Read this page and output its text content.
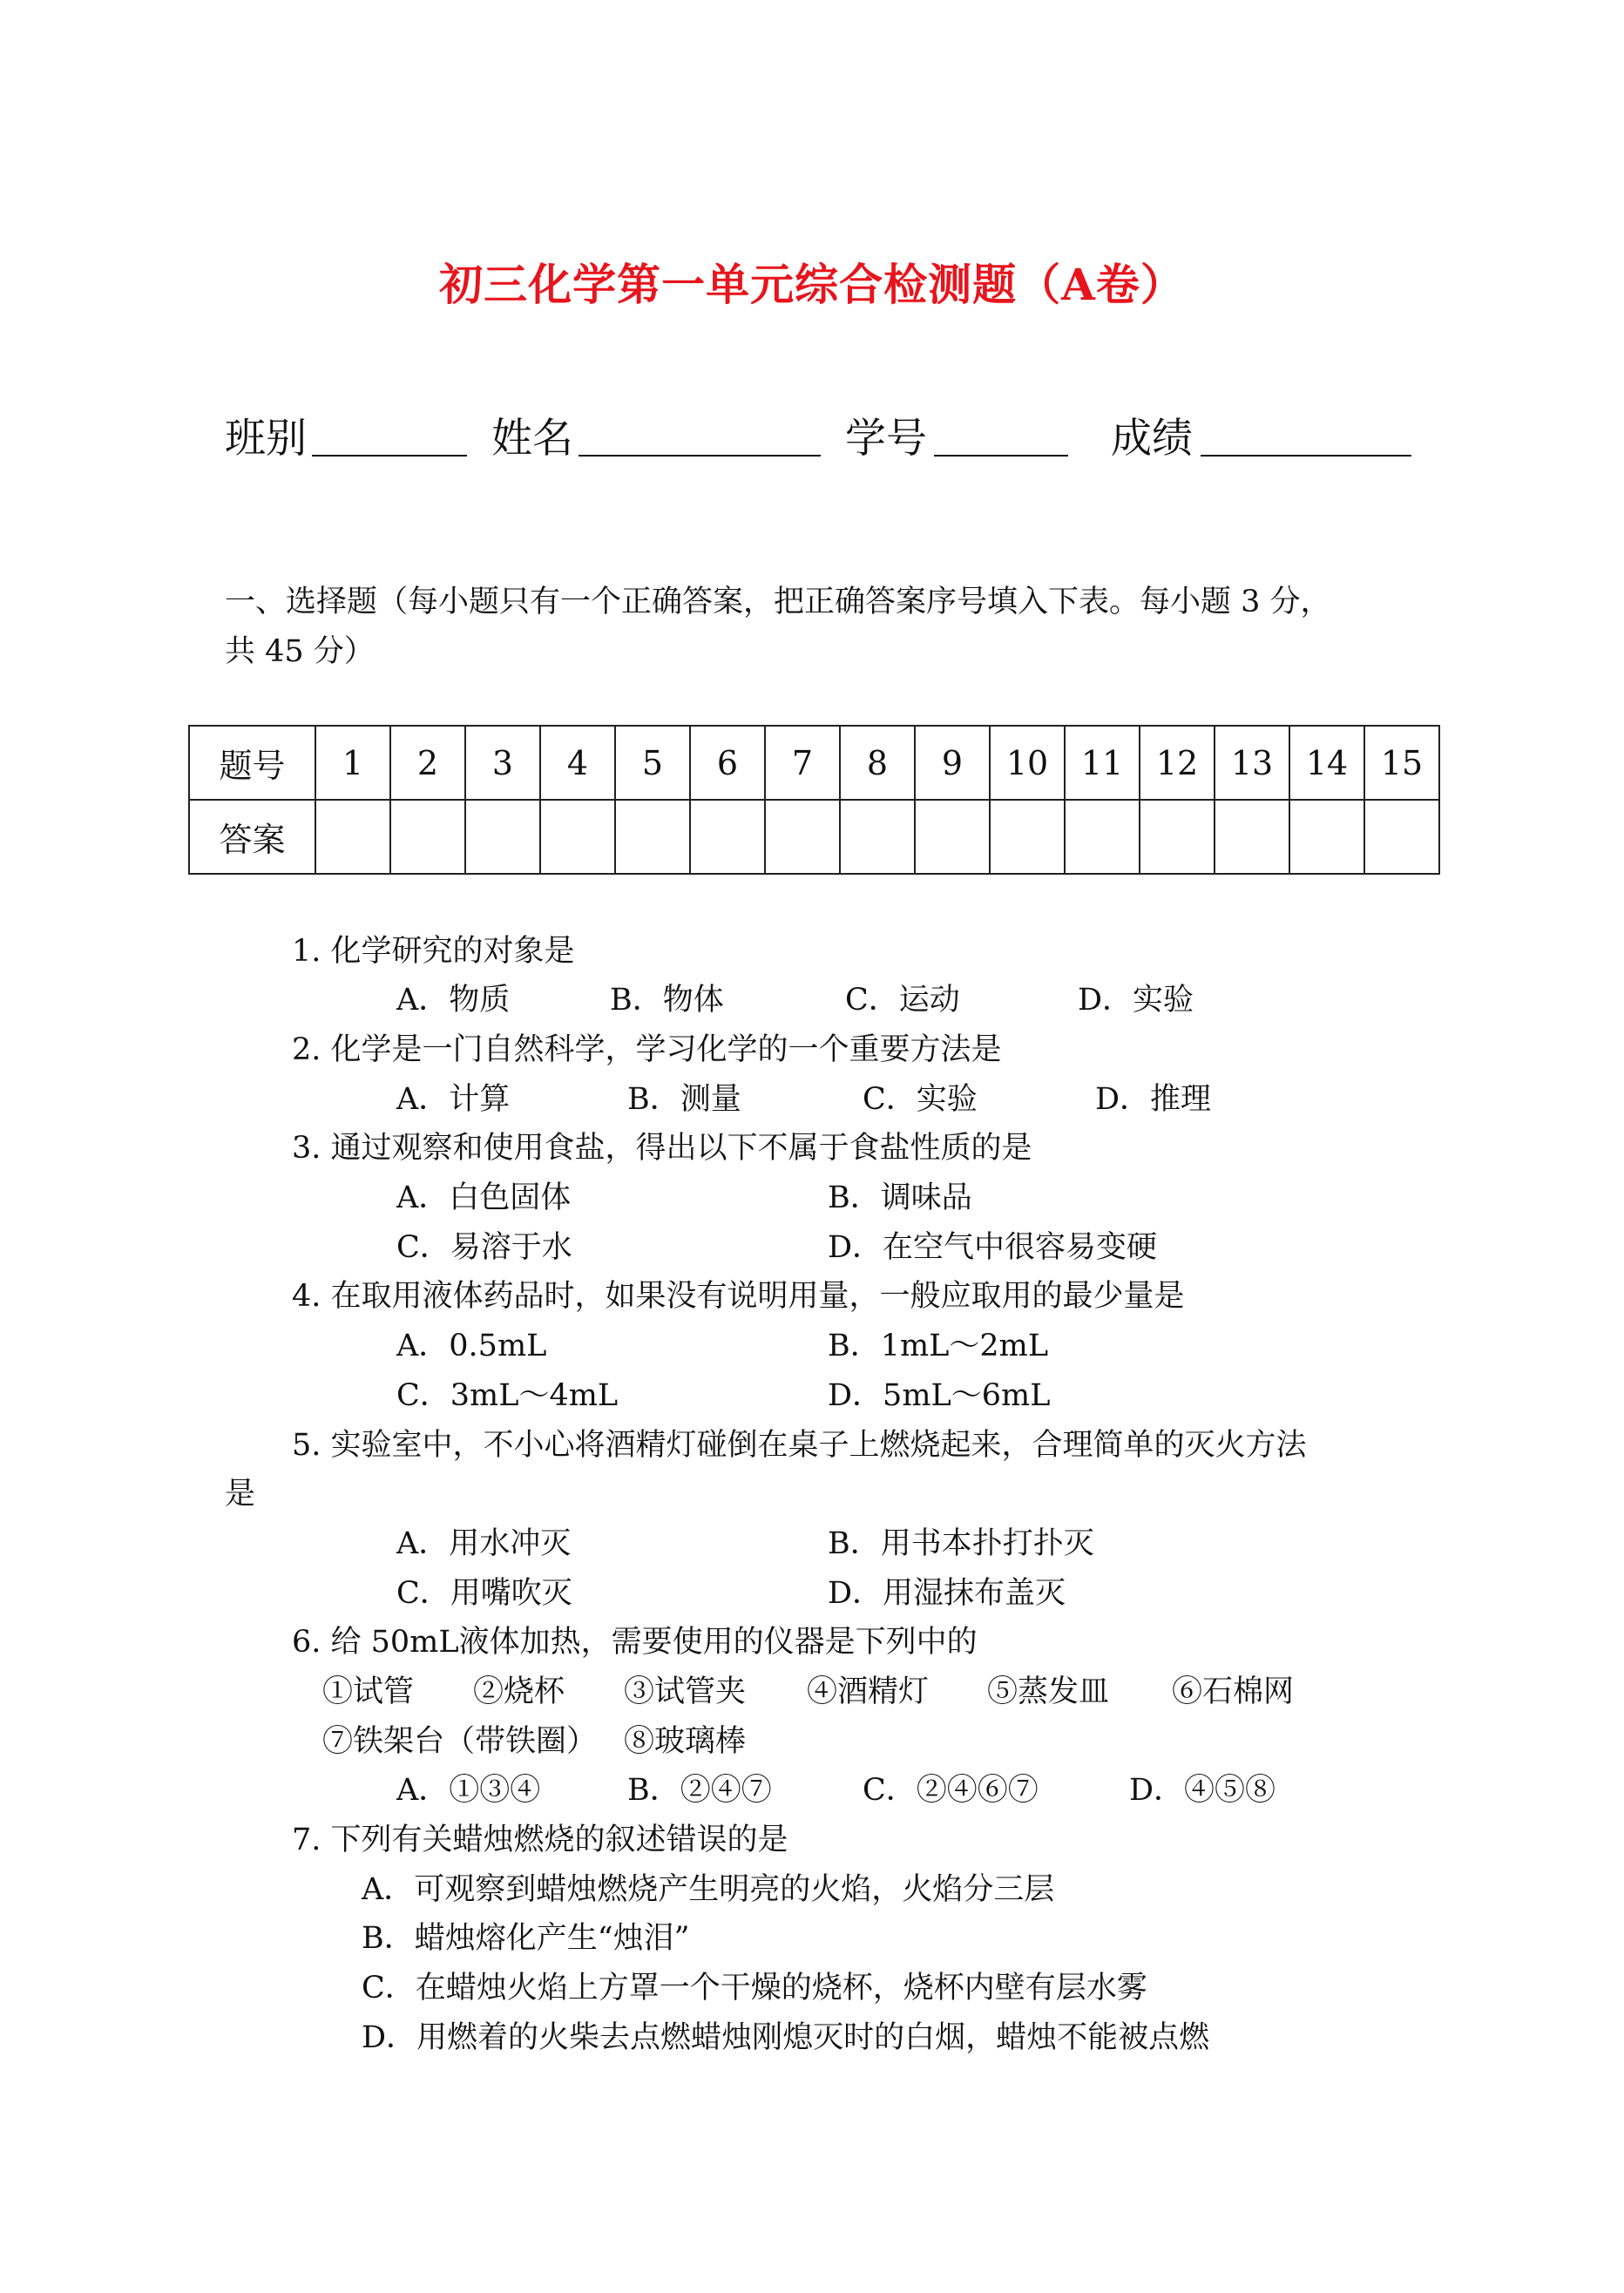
初三化学第一单元综合检测题（A卷）
班别	姓名	学号	成绩
一、选择题（每小题只有一个正确答案，把正确答案序号填入下表。每小题 3 分，
共 45 分）
题号	1	2	3	4	5	6	7	8	9	10	11	12	13	14	15
答案															
1. 化学研究的对象是
A．物质	B．物体	C．运动	D．实验
2. 化学是一门自然科学，学习化学的一个重要方法是
A．计算	B．测量	C．实验	D．推理
3. 通过观察和使用食盐，得出以下不属于食盐性质的是
A．白色固体	B．调味品
C．易溶于水	D．在空气中很容易变硬
4. 在取用液体药品时，如果没有说明用量，一般应取用的最少量是
A．0.5mL	B．1mL～2mL
C．3mL～4mL	D．5mL～6mL
5. 实验室中，不小心将酒精灯碰倒在桌子上燃烧起来，合理简单的灭火方法
是
A．用水冲灭	B．用书本扑打扑灭
C．用嘴吹灭	D．用湿抹布盖灭
6. 给 50mL液体加热，需要使用的仪器是下列中的
①试管 ②烧杯 ③试管夹 ④酒精灯 ⑤蒸发皿 ⑥石棉网
⑦铁架台（带铁圈） ⑧玻璃棒
A．①③④	B．②④⑦	C．②④⑥⑦	D．④⑤⑧
7. 下列有关蜡烛燃烧的叙述错误的是
A．可观察到蜡烛燃烧产生明亮的火焰，火焰分三层
B．蜡烛熔化产生“烛泪”
C．在蜡烛火焰上方罩一个干燥的烧杯，烧杯内壁有层水雾
D．用燃着的火柴去点燃蜡烛刚熄灭时的白烟，蜡烛不能被点燃
